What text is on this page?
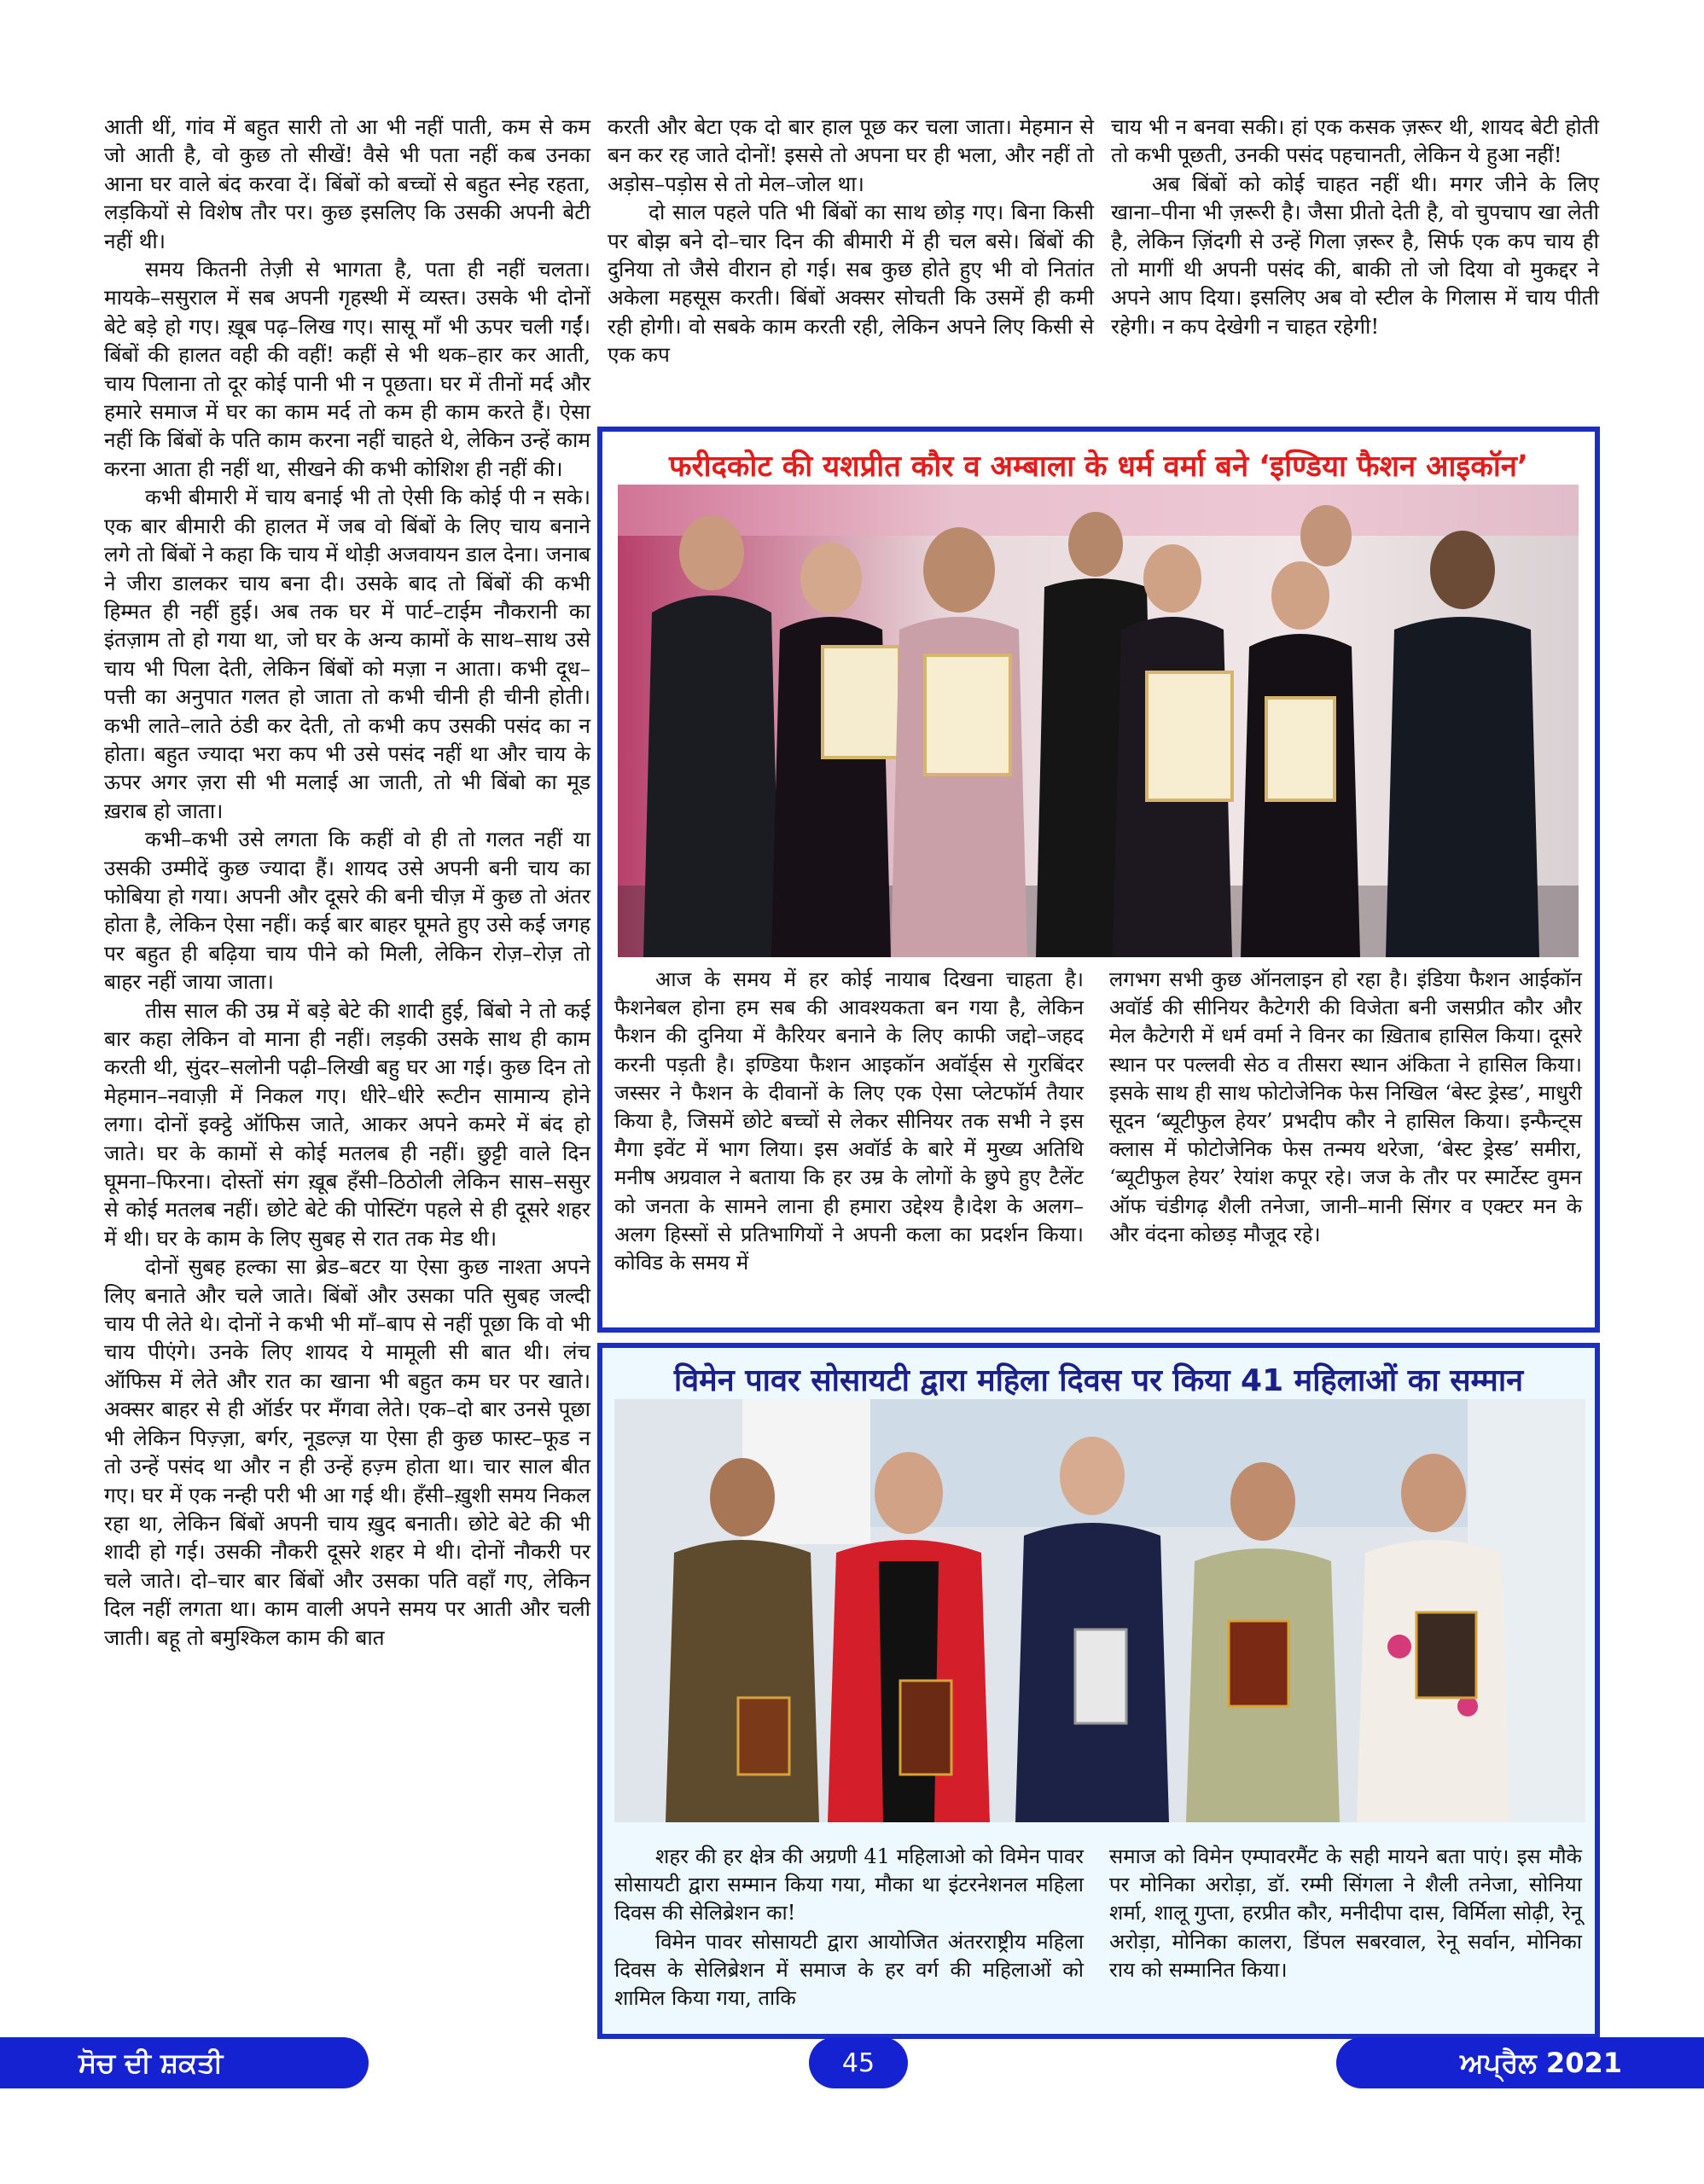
आती थीं, गांव में बहुत सारी तो आ भी नहीं पाती, कम से कम जो आती है, वो कुछ तो सीखें! वैसे भी पता नहीं कब उनका आना घर वाले बंद करवा दें। बिंबों को बच्चों से बहुत स्नेह रहता, लड़कियों से विशेष तौर पर। कुछ इसलिए कि उसकी अपनी बेटी नहीं थी।

समय कितनी तेज़ी से भागता है, पता ही नहीं चलता। मायके–ससुराल में सब अपनी गृहस्थी में व्यस्त। उसके भी दोनों बेटे बड़े हो गए। ख़ूब पढ़–लिख गए। सासू माँ भी ऊपर चली गईं। बिंबों की हालत वही की वहीं! कहीं से भी थक–हार कर आती, चाय पिलाना तो दूर कोई पानी भी न पूछता। घर में तीनों मर्द और हमारे समाज में घर का काम मर्द तो कम ही काम करते हैं। ऐसा नहीं कि बिंबों के पति काम करना नहीं चाहते थे, लेकिन उन्हें काम करना आता ही नहीं था, सीखने की कभी कोशिश ही नहीं की।

कभी बीमारी में चाय बनाई भी तो ऐसी कि कोई पी न सके। एक बार बीमारी की हालत में जब वो बिंबों के लिए चाय बनाने लगे तो बिंबों ने कहा कि चाय में थोड़ी अजवायन डाल देना। जनाब ने जीरा डालकर चाय बना दी। उसके बाद तो बिंबों की कभी हिम्मत ही नहीं हुई। अब तक घर में पार्ट–टाईम नौकरानी का इंतज़ाम तो हो गया था, जो घर के अन्य कामों के साथ–साथ उसे चाय भी पिला देती, लेकिन बिंबों को मज़ा न आता। कभी दूध–पत्ती का अनुपात गलत हो जाता तो कभी चीनी ही चीनी होती। कभी लाते–लाते ठंडी कर देती, तो कभी कप उसकी पसंद का न होता। बहुत ज्यादा भरा कप भी उसे पसंद नहीं था और चाय के ऊपर अगर ज़रा सी भी मलाई आ जाती, तो भी बिंबो का मूड ख़राब हो जाता।

कभी–कभी उसे लगता कि कहीं वो ही तो गलत नहीं या उसकी उम्मीदें कुछ ज्यादा हैं। शायद उसे अपनी बनी चाय का फोबिया हो गया। अपनी और दूसरे की बनी चीज़ में कुछ तो अंतर होता है, लेकिन ऐसा नहीं। कई बार बाहर घूमते हुए उसे कई जगह पर बहुत ही बढ़िया चाय पीने को मिली, लेकिन रोज़–रोज़ तो बाहर नहीं जाया जाता।

तीस साल की उम्र में बड़े बेटे की शादी हुई, बिंबो ने तो कई बार कहा लेकिन वो माना ही नहीं। लड़की उसके साथ ही काम करती थी, सुंदर–सलोनी पढ़ी–लिखी बहु घर आ गई। कुछ दिन तो मेहमान–नवाज़ी में निकल गए। धीरे–धीरे रूटीन सामान्य होने लगा। दोनों इक्ट्ठे ऑफिस जाते, आकर अपने कमरे में बंद हो जाते। घर के कामों से कोई मतलब ही नहीं। छुट्टी वाले दिन घूमना–फिरना। दोस्तों संग ख़ूब हँसी–ठिठोली लेकिन सास–ससुर से कोई मतलब नहीं। छोटे बेटे की पोस्टिंग पहले से ही दूसरे शहर में थी। घर के काम के लिए सुबह से रात तक मेड थी।

दोनों सुबह हल्का सा ब्रेड–बटर या ऐसा कुछ नाश्ता अपने लिए बनाते और चले जाते। बिंबों और उसका पति सुबह जल्दी चाय पी लेते थे। दोनों ने कभी भी माँ–बाप से नहीं पूछा कि वो भी चाय पीएंगे। उनके लिए शायद ये मामूली सी बात थी। लंच ऑफिस में लेते और रात का खाना भी बहुत कम घर पर खाते। अक्सर बाहर से ही ऑर्डर पर मँगवा लेते। एक–दो बार उनसे पूछा भी लेकिन पिज़्ज़ा, बर्गर, नूडल्ज़ या ऐसा ही कुछ फास्ट–फूड न तो उन्हें पसंद था और न ही उन्हें हज़्म होता था। चार साल बीत गए। घर में एक नन्ही परी भी आ गई थी। हँसी–ख़ुशी समय निकल रहा था, लेकिन बिंबों अपनी चाय ख़ुद बनाती। छोटे बेटे की भी शादी हो गई। उसकी नौकरी दूसरे शहर मे थी। दोनों नौकरी पर चले जाते। दो–चार बार बिंबों और उसका पति वहाँ गए, लेकिन दिल नहीं लगता था। काम वाली अपने समय पर आती और चली जाती। बहू तो बमुश्किल काम की बात

करती और बेटा एक दो बार हाल पूछ कर चला जाता। मेहमान से बन कर रह जाते दोनों! इससे तो अपना घर ही भला, और नहीं तो अड़ोस–पड़ोस से तो मेल–जोल था।

दो साल पहले पति भी बिंबों का साथ छोड़ गए। बिना किसी पर बोझ बने दो–चार दिन की बीमारी में ही चल बसे। बिंबों की दुनिया तो जैसे वीरान हो गई। सब कुछ होते हुए भी वो नितांत अकेला महसूस करती। बिंबों अक्सर सोचती कि उसमें ही कमी रही होगी। वो सबके काम करती रही, लेकिन अपने लिए किसी से एक कप

चाय भी न बनवा सकी। हां एक कसक ज़रूर थी, शायद बेटी होती तो कभी पूछती, उनकी पसंद पहचानती, लेकिन ये हुआ नहीं!

अब बिंबों को कोई चाहत नहीं थी। मगर जीने के लिए खाना–पीना भी ज़रूरी है। जैसा प्रीतो देती है, वो चुपचाप खा लेती है, लेकिन ज़िंदगी से उन्हें गिला ज़रूर है, सिर्फ एक कप चाय ही तो मागीं थी अपनी पसंद की, बाकी तो जो दिया वो मुकद्दर ने अपने आप दिया। इसलिए अब वो स्टील के गिलास में चाय पीती रहेगी। न कप देखेगी न चाहत रहेगी!

फरीदकोट की यशप्रीत कौर व अम्बाला के धर्म वर्मा बने ‘इण्डिया फैशन आइकॉन’

आज के समय में हर कोई नायाब दिखना चाहता है। फैशनेबल होना हम सब की आवश्यकता बन गया है, लेकिन फैशन की दुनिया में कैरियर बनाने के लिए काफी जद्दो–जहद करनी पड़ती है। इण्डिया फैशन आइकॉन अवॉर्ड्स से गुरबिंदर जस्सर ने फैशन के दीवानों के लिए एक ऐसा प्लेटफॉर्म तैयार किया है, जिसमें छोटे बच्चों से लेकर सीनियर तक सभी ने इस मैगा इवेंट में भाग लिया। इस अवॉर्ड के बारे में मुख्य अतिथि मनीष अग्रवाल ने बताया कि हर उम्र के लोगों के छुपे हुए टैलेंट को जनता के सामने लाना ही हमारा उद्देश्य है।देश के अलग–अलग हिस्सों से प्रतिभागियों ने अपनी कला का प्रदर्शन किया। कोविड के समय में

लगभग सभी कुछ ऑनलाइन हो रहा है। इंडिया फैशन आईकॉन अवॉर्ड की सीनियर कैटेगरी की विजेता बनी जसप्रीत कौर और मेल कैटेगरी में धर्म वर्मा ने विनर का ख़िताब हासिल किया। दूसरे स्थान पर पल्लवी सेठ व तीसरा स्थान अंकिता ने हासिल किया। इसके साथ ही साथ फोटोजेनिक फेस निखिल ‘बेस्ट ड्रेस्ड’, माधुरी सूदन ‘ब्यूटीफुल हेयर’ प्रभदीप कौर ने हासिल किया। इन्फैन्ट्स क्लास में फोटोजेनिक फेस तन्मय थरेजा, ‘बेस्ट ड्रेस्ड’ समीरा, ‘ब्यूटीफुल हेयर’ रेयांश कपूर रहे। जज के तौर पर स्मार्टेस्ट वुमन ऑफ चंडीगढ़ शैली तनेजा, जानी–मानी सिंगर व एक्टर मन के और वंदना कोछड़ मौजूद रहे।

विमेन पावर सोसायटी द्वारा महिला दिवस पर किया 41 महिलाओं का सम्मान

शहर की हर क्षेत्र की अग्रणी 41 महिलाओ को विमेन पावर सोसायटी द्वारा सम्मान किया गया, मौका था इंटरनेशनल महिला दिवस की सेलिब्रेशन का!

विमेन पावर सोसायटी द्वारा आयोजित अंतरराष्ट्रीय महिला दिवस के सेलिब्रेशन में समाज के हर वर्ग की महिलाओं को शामिल किया गया, ताकि

समाज को विमेन एम्पावरमैंट के सही मायने बता पाएं। इस मौके पर मोनिका अरोड़ा, डॉ. रम्मी सिंगला ने शैली तनेजा, सोनिया शर्मा, शालू गुप्ता, हरप्रीत कौर, मनीदीपा दास, विर्मिला सोढ़ी, रेनू अरोड़ा, मोनिका कालरा, डिंपल सबरवाल, रेनू सर्वान, मोनिका राय को सम्मानित किया।

ਸੋਚ ਦੀ ਸ਼ਕਤੀ	45	ਅਪ੍ਰੈਲ 2021
